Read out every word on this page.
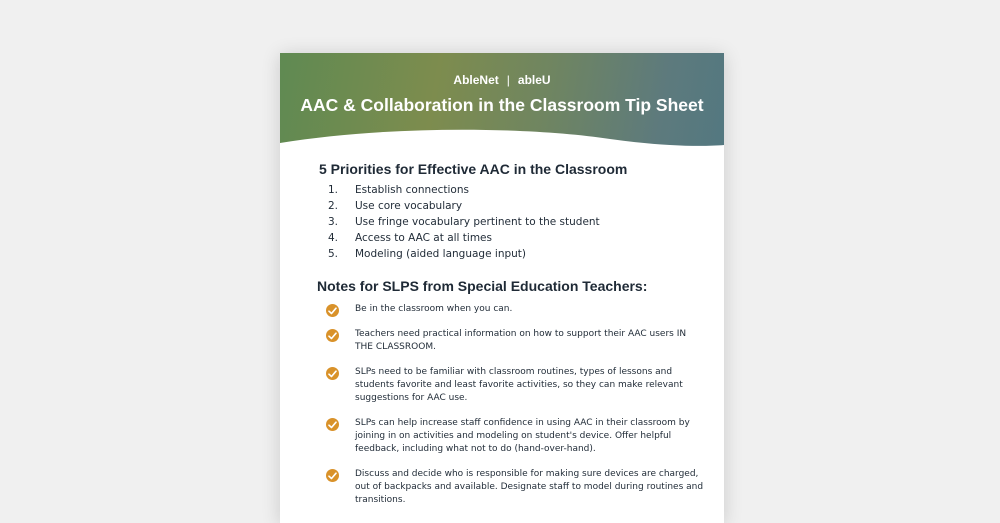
AbleNet | ableU
AAC & Collaboration in the Classroom Tip Sheet
5 Priorities for Effective AAC in the Classroom
1.	Establish connections
2.	Use core vocabulary
3.	Use fringe vocabulary pertinent to the student
4.	Access to AAC at all times
5.	Modeling (aided language input)
Notes for SLPS from Special Education Teachers:
Be in the classroom when you can.
Teachers need practical information on how to support their AAC users IN THE CLASSROOM.
SLPs need to be familiar with classroom routines, types of lessons and students favorite and least favorite activities, so they can make relevant suggestions for AAC use.
SLPs can help increase staff confidence in using AAC in their classroom by joining in on activities and modeling on student's device. Offer helpful feedback, including what not to do (hand-over-hand).
Discuss and decide who is responsible for making sure devices are charged, out of backpacks and available. Designate staff to model during routines and transitions.
